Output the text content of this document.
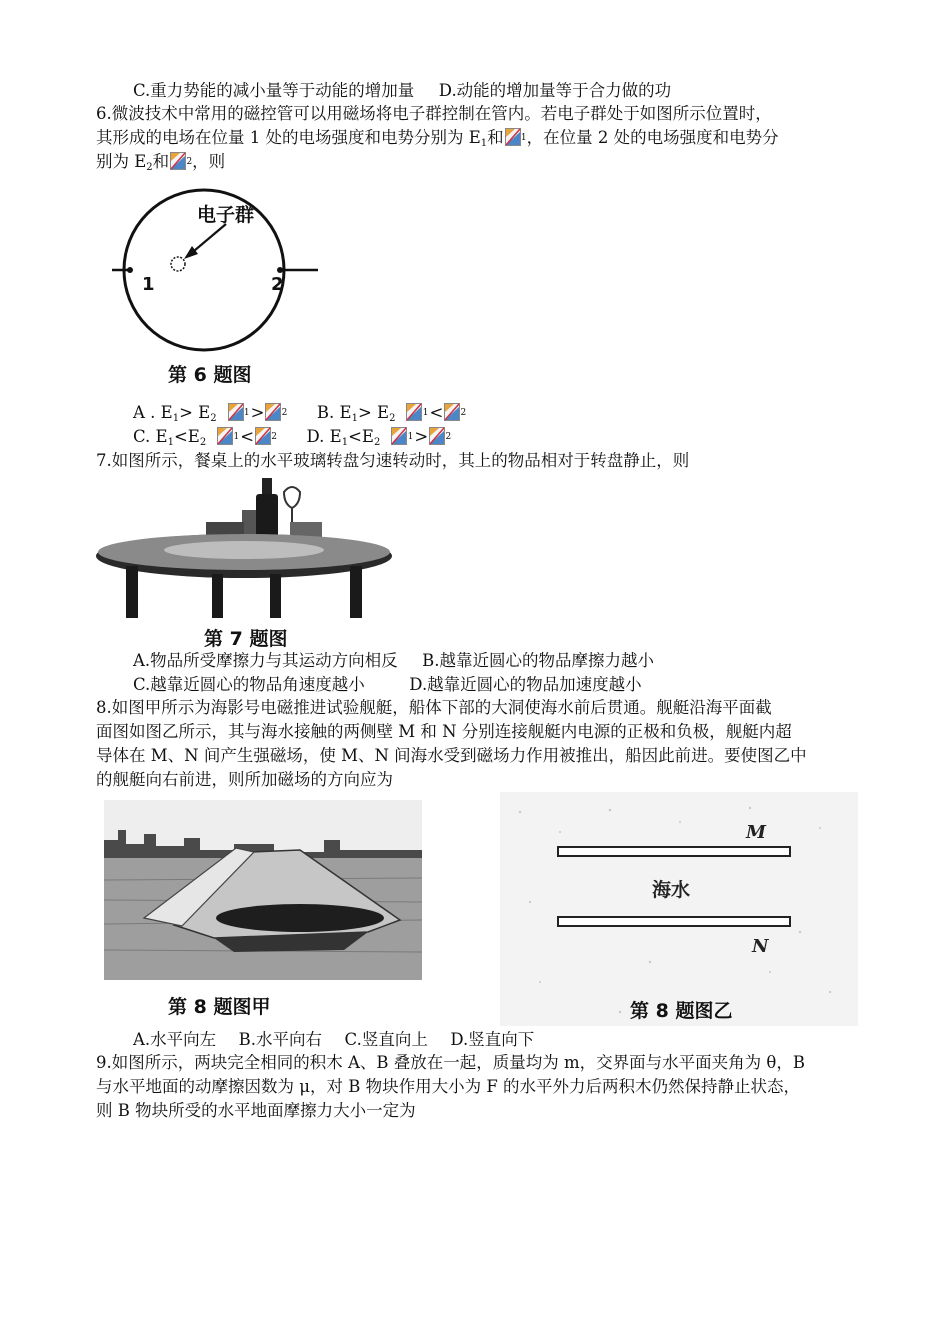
C.重力势能的减小量等于动能的增加量 D.动能的增加量等于合力做的功
6.微波技术中常用的磁控管可以用磁场将电子群控制在管内。若电子群处于如图所示位置时，
其形成的电场在位量 1 处的电场强度和电势分别为 $E_1$和 1 ，在位量 2 处的电场强度和电势分
别为 $E_2$和 2 ，则
电子群
1	2
第 6 题图
A . $E_1> E_2$	1 > 2 B. $E_1> E_2$	1 < 2
C. $E_1<E_2$	1 < 2 D. $E_1<E_2$	1 > 2
7.如图所示，餐桌上的水平玻璃转盘匀速转动时，其上的物品相对于转盘静止，则
第 7 题图
A.物品所受摩擦力与其运动方向相反 B.越靠近圆心的物品摩擦力越小
C.越靠近圆心的物品角速度越小	D.越靠近圆心的物品加速度越小
8.如图甲所示为海影号电磁推进试验舰艇，船体下部的大洞使海水前后贯通。舰艇沿海平面截
面图如图乙所示，其与海水接触的两侧壁 M 和 N 分别连接舰艇内电源的正极和负极，舰艇内超
导体在 M、N 间产生强磁场，使 M、N 间海水受到磁场力作用被推出，船因此前进。要使图乙中
的舰艇向右前进，则所加磁场的方向应为
第 8 题图甲
M
N
海水
第 8 题图乙
A.水平向左 B.水平向右 C.竖直向上 D.竖直向下
9.如图所示，两块完全相同的积木 A、B 叠放在一起，质量均为 m，交界面与水平面夹角为 θ，B
与水平地面的动摩擦因数为 μ，对 B 物块作用大小为 F 的水平外力后两积木仍然保持静止状态，
则 B 物块所受的水平地面摩擦力大小一定为
